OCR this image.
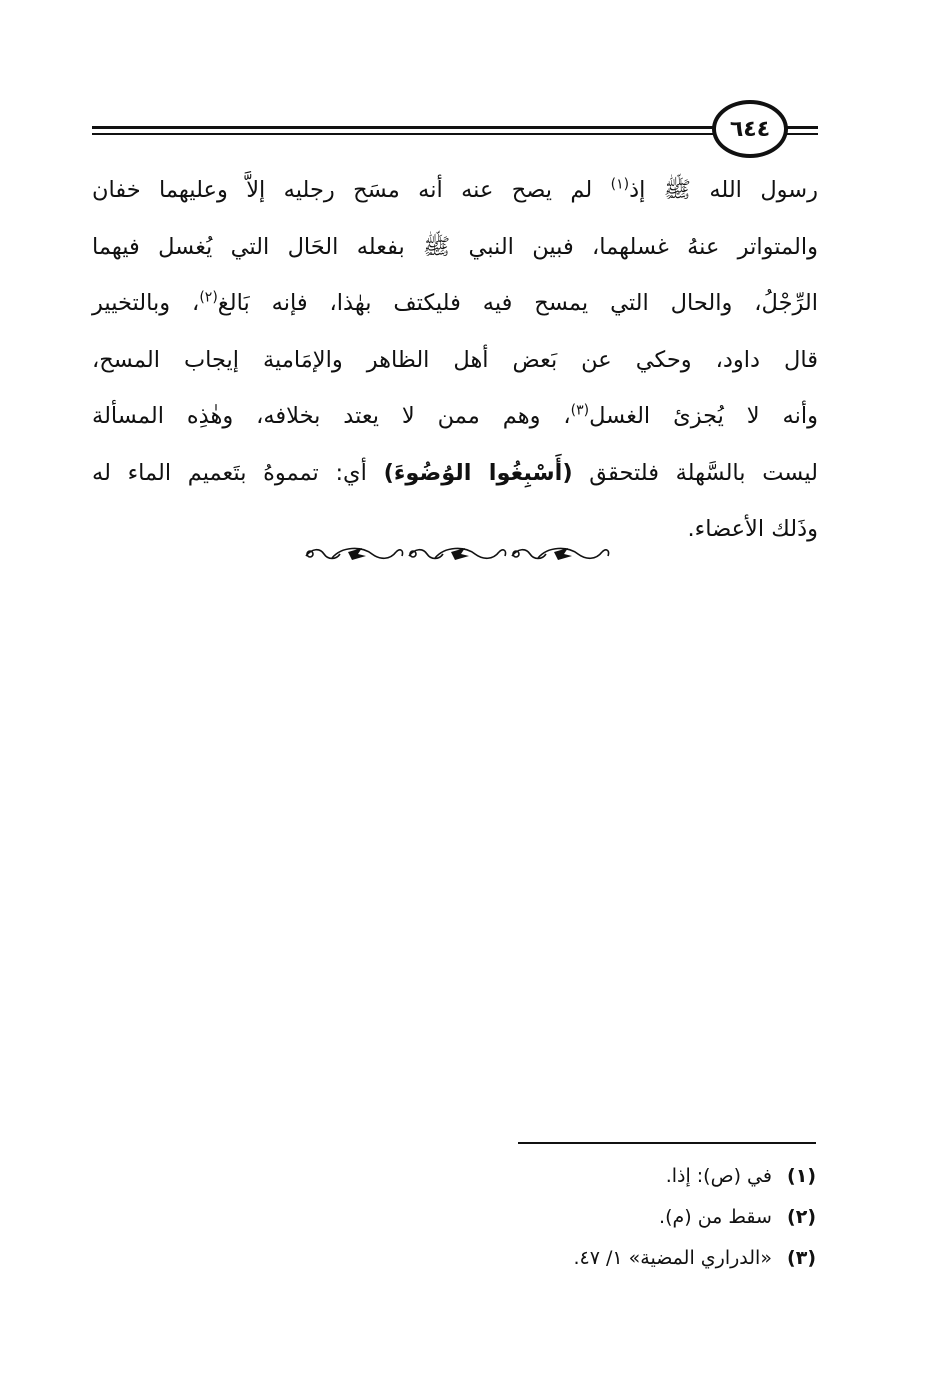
٦٤٤
رسول الله ﷺ إذ$^{(١)}$ لم يصح عنه أنه مسَح رجليه إلاَّ وعليهما خفان
والمتواتر عنهُ غسلهما، فبين النبي ﷺ بفعله الحَال التي يُغسل فيهما
الرِّجْلُ، والحال التي يمسح فيه فليكتف بهٰذا، فإنه بَالغ$^{(٢)}$، وبالتخيير
قال داود، وحكي عن بَعض أهل الظاهر والإمَامية إيجاب المسح،
وأنه لا يُجزئ الغسل$^{(٣)}$، وهم ممن لا يعتد بخلافه، وهٰذِه المسألة
ليست بالسَّهلة فلتحقق (أَسْبِغُوا الوُضُوءَ) أي: تمموهُ بتَعميم الماء له
وذَلك الأعضاء.
(١) في (ص): إذا.
(٢) سقط من (م).
(٣) «الدراري المضية» ١/ ٤٧.
